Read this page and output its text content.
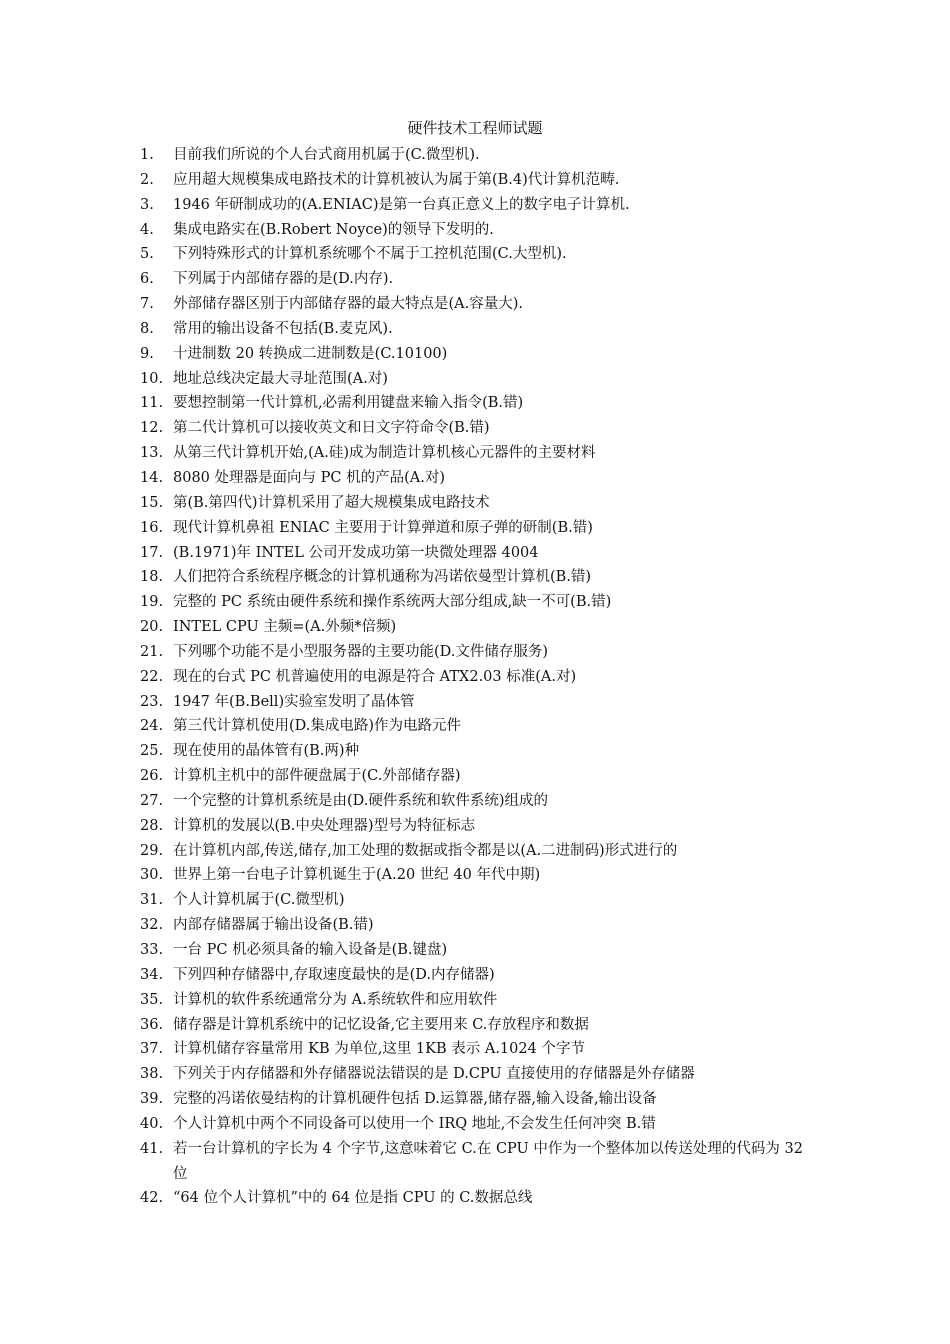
硬件技术工程师试题
1.	目前我们所说的个人台式商用机属于(C.微型机).
2.	应用超大规模集成电路技术的计算机被认为属于第(B.4)代计算机范畴.
3.	1946 年研制成功的(A.ENIAC)是第一台真正意义上的数字电子计算机.
4.	集成电路实在(B.Robert Noyce)的领导下发明的.
5.	下列特殊形式的计算机系统哪个不属于工控机范围(C.大型机).
6.	下列属于内部储存器的是(D.内存).
7.	外部储存器区别于内部储存器的最大特点是(A.容量大).
8.	常用的输出设备不包括(B.麦克风).
9.	十进制数 20 转换成二进制数是(C.10100)
10. 地址总线决定最大寻址范围(A.对)
11. 要想控制第一代计算机,必需利用键盘来输入指令(B.错)
12. 第二代计算机可以接收英文和日文字符命令(B.错)
13. 从第三代计算机开始,(A.硅)成为制造计算机核心元器件的主要材料
14. 8080 处理器是面向与 PC 机的产品(A.对)
15. 第(B.第四代)计算机采用了超大规模集成电路技术
16. 现代计算机鼻祖 ENIAC 主要用于计算弹道和原子弹的研制(B.错)
17. (B.1971)年 INTEL 公司开发成功第一块微处理器 4004
18. 人们把符合系统程序概念的计算机通称为冯诺依曼型计算机(B.错)
19. 完整的 PC 系统由硬件系统和操作系统两大部分组成,缺一不可(B.错)
20. INTEL CPU 主频=(A.外频*倍频)
21. 下列哪个功能不是小型服务器的主要功能(D.文件储存服务)
22. 现在的台式 PC 机普遍使用的电源是符合 ATX2.03 标准(A.对)
23. 1947 年(B.Bell)实验室发明了晶体管
24. 第三代计算机使用(D.集成电路)作为电路元件
25. 现在使用的晶体管有(B.两)种
26. 计算机主机中的部件硬盘属于(C.外部储存器)
27. 一个完整的计算机系统是由(D.硬件系统和软件系统)组成的
28. 计算机的发展以(B.中央处理器)型号为特征标志
29. 在计算机内部,传送,储存,加工处理的数据或指令都是以(A.二进制码)形式进行的
30. 世界上第一台电子计算机诞生于(A.20 世纪 40 年代中期)
31. 个人计算机属于(C.微型机)
32. 内部存储器属于输出设备(B.错)
33. 一台 PC 机必须具备的输入设备是(B.键盘)
34. 下列四种存储器中,存取速度最快的是(D.内存储器)
35. 计算机的软件系统通常分为 A.系统软件和应用软件
36. 储存器是计算机系统中的记忆设备,它主要用来 C.存放程序和数据
37. 计算机储存容量常用 KB 为单位,这里 1KB 表示 A.1024 个字节
38. 下列关于内存储器和外存储器说法错误的是 D.CPU 直接使用的存储器是外存储器
39. 完整的冯诺依曼结构的计算机硬件包括 D.运算器,储存器,输入设备,输出设备
40. 个人计算机中两个不同设备可以使用一个 IRQ 地址,不会发生任何冲突 B.错
41. 若一台计算机的字长为 4 个字节,这意味着它 C.在 CPU 中作为一个整体加以传送处理的代码为 32 位
42. “64 位个人计算机”中的 64 位是指 CPU 的 C.数据总线
